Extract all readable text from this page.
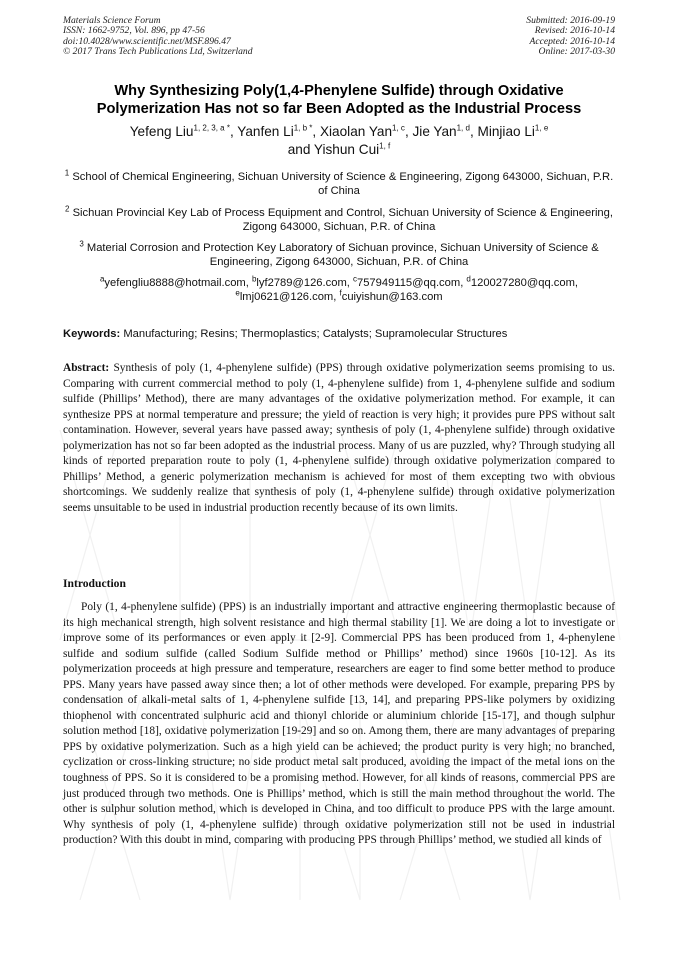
Materials Science Forum
ISSN: 1662-9752, Vol. 896, pp 47-56
doi:10.4028/www.scientific.net/MSF.896.47
© 2017 Trans Tech Publications Ltd, Switzerland
Submitted: 2016-09-19
Revised: 2016-10-14
Accepted: 2016-10-14
Online: 2017-03-30
Why Synthesizing Poly(1,4-Phenylene Sulfide) through Oxidative
Polymerization Has not so far Been Adopted as the Industrial Process
Yefeng Liu$^{1, 2, 3, a *}$, Yanfen $Li^{1, b *}$, Xiaolan Yan$^{1, c}$, Jie Yan$^{1, d}$, Minjiao Li$^{1, e}$
and Yishun Cui$^{1, f}$
$^1$ School of Chemical Engineering, Sichuan University of Science & Engineering, Zigong 643000, Sichuan, P.R. of China
$^2$ Sichuan Provincial Key Lab of Process Equipment and Control, Sichuan University of Science & Engineering, Zigong 643000, Sichuan, P.R. of China
$^3$ Material Corrosion and Protection Key Laboratory of Sichuan province, Sichuan University of Science & Engineering, Zigong 643000, Sichuan, P.R. of China
$^a$yefengliu8888@hotmail.com, $^b$lyf2789@126.com, $^c$757949115@qq.com, $^d$120027280@qq.com,
$^e$lmj0621@126.com, $^f$cuiyishun@163.com
Keywords: Manufacturing; Resins; Thermoplastics; Catalysts; Supramolecular Structures
Abstract: Synthesis of poly (1, 4-phenylene sulfide) (PPS) through oxidative polymerization seems promising to us. Comparing with current commercial method to poly (1, 4-phenylene sulfide) from 1, 4-phenylene sulfide and sodium sulfide (Phillips’ Method), there are many advantages of the oxidative polymerization method. For example, it can synthesize PPS at normal temperature and pressure; the yield of reaction is very high; it provides pure PPS without salt contamination. However, several years have passed away; synthesis of poly (1, 4-phenylene sulfide) through oxidative polymerization has not so far been adopted as the industrial process. Many of us are puzzled, why? Through studying all kinds of reported preparation route to poly (1, 4-phenylene sulfide) through oxidative polymerization compared to Phillips’ Method, a generic polymerization mechanism is achieved for most of them excepting two with obvious shortcomings. We suddenly realize that synthesis of poly (1, 4-phenylene sulfide) through oxidative polymerization seems unsuitable to be used in industrial production recently because of its own limits.
Introduction
Poly (1, 4-phenylene sulfide) (PPS) is an industrially important and attractive engineering thermoplastic because of its high mechanical strength, high solvent resistance and high thermal stability [1]. We are doing a lot to investigate or improve some of its performances or even apply it [2-9]. Commercial PPS has been produced from 1, 4-phenylene sulfide and sodium sulfide (called Sodium Sulfide method or Phillips’ method) since 1960s [10-12]. As its polymerization proceeds at high pressure and temperature, researchers are eager to find some better method to produce PPS. Many years have passed away since then; a lot of other methods were developed. For example, preparing PPS by condensation of alkali-metal salts of 1, 4-phenylene sulfide [13, 14], and preparing PPS-like polymers by oxidizing thiophenol with concentrated sulphuric acid and thionyl chloride or aluminium chloride [15-17], and though sulphur solution method [18], oxidative polymerization [19-29] and so on. Among them, there are many advantages of preparing PPS by oxidative polymerization. Such as a high yield can be achieved; the product purity is very high; no branched, cyclization or cross-linking structure; no side product metal salt produced, avoiding the impact of the metal ions on the toughness of PPS. So it is considered to be a promising method. However, for all kinds of reasons, commercial PPS are just produced through two methods. One is Phillips’ method, which is still the main method throughout the world. The other is sulphur solution method, which is developed in China, and too difficult to produce PPS with the large amount. Why synthesis of poly (1, 4-phenylene sulfide) through oxidative polymerization still not be used in industrial production? With this doubt in mind, comparing with producing PPS through Phillips’ method, we studied all kinds of
